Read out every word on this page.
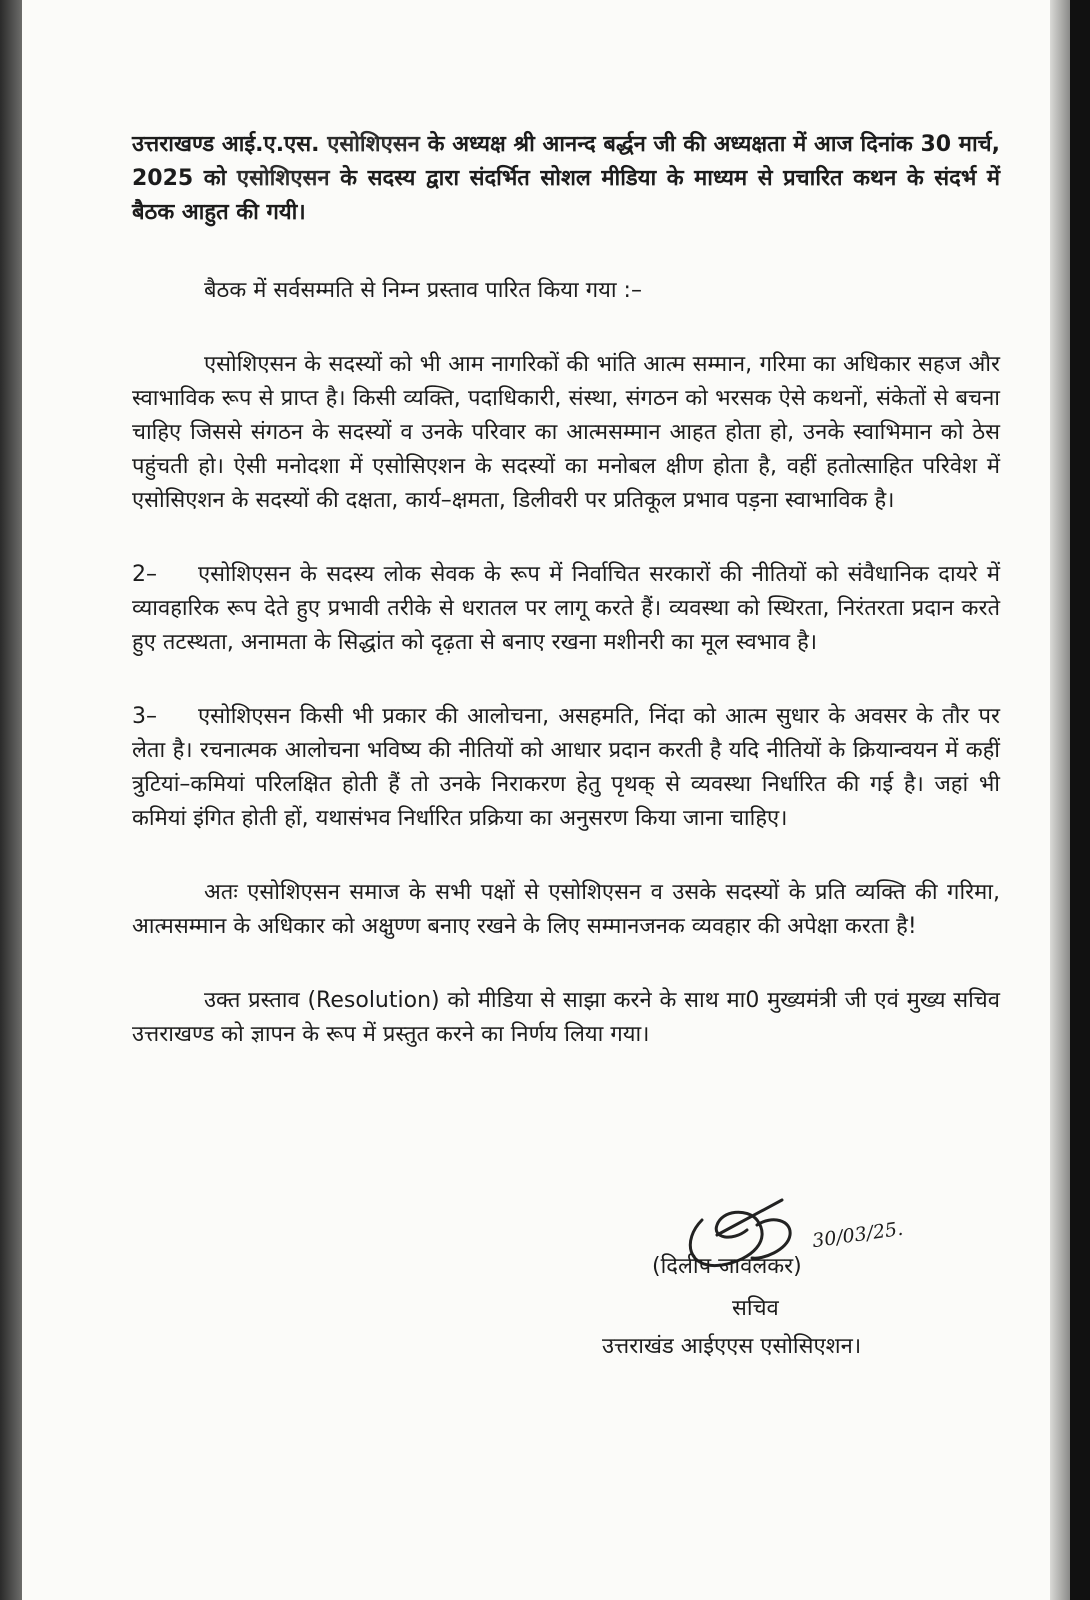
उत्तराखण्ड आई.ए.एस. एसोशिएसन के अध्यक्ष श्री आनन्द बर्द्धन जी की अध्यक्षता में आज दिनांक 30 मार्च, 2025 को एसोशिएसन के सदस्य द्वारा संदर्भित सोशल मीडिया के माध्यम से प्रचारित कथन के संदर्भ में बैठक आहुत की गयी।

बैठक में सर्वसम्मति से निम्न प्रस्ताव पारित किया गया :–

एसोशिएसन के सदस्यों को भी आम नागरिकों की भांति आत्म सम्मान, गरिमा का अधिकार सहज और स्वाभाविक रूप से प्राप्त है। किसी व्यक्ति, पदाधिकारी, संस्था, संगठन को भरसक ऐसे कथनों, संकेतों से बचना चाहिए जिससे संगठन के सदस्यों व उनके परिवार का आत्मसम्मान आहत होता हो, उनके स्वाभिमान को ठेस पहुंचती हो। ऐसी मनोदशा में एसोसिएशन के सदस्यों का मनोबल क्षीण होता है, वहीं हतोत्साहित परिवेश में एसोसिएशन के सदस्यों की दक्षता, कार्य–क्षमता, डिलीवरी पर प्रतिकूल प्रभाव पड़ना स्वाभाविक है।

2– एसोशिएसन के सदस्य लोक सेवक के रूप में निर्वाचित सरकारों की नीतियों को संवैधानिक दायरे में व्यावहारिक रूप देते हुए प्रभावी तरीके से धरातल पर लागू करते हैं। व्यवस्था को स्थिरता, निरंतरता प्रदान करते हुए तटस्थता, अनामता के सिद्धांत को दृढ़ता से बनाए रखना मशीनरी का मूल स्वभाव है।

3– एसोशिएसन किसी भी प्रकार की आलोचना, असहमति, निंदा को आत्म सुधार के अवसर के तौर पर लेता है। रचनात्मक आलोचना भविष्य की नीतियों को आधार प्रदान करती है यदि नीतियों के क्रियान्वयन में कहीं त्रुटियां–कमियां परिलक्षित होती हैं तो उनके निराकरण हेतु पृथक् से व्यवस्था निर्धारित की गई है। जहां भी कमियां इंगित होती हों, यथासंभव निर्धारित प्रक्रिया का अनुसरण किया जाना चाहिए।

अतः एसोशिएसन समाज के सभी पक्षों से एसोशिएसन व उसके सदस्यों के प्रति व्यक्ति की गरिमा, आत्मसम्मान के अधिकार को अक्षुण्ण बनाए रखने के लिए सम्मानजनक व्यवहार की अपेक्षा करता है!

उक्त प्रस्ताव (Resolution) को मीडिया से साझा करने के साथ मा0 मुख्यमंत्री जी एवं मुख्य सचिव उत्तराखण्ड को ज्ञापन के रूप में प्रस्तुत करने का निर्णय लिया गया।

30/03/25.
(दिलीप जावलकर)
सचिव
उत्तराखंड आईएएस एसोसिएशन।
